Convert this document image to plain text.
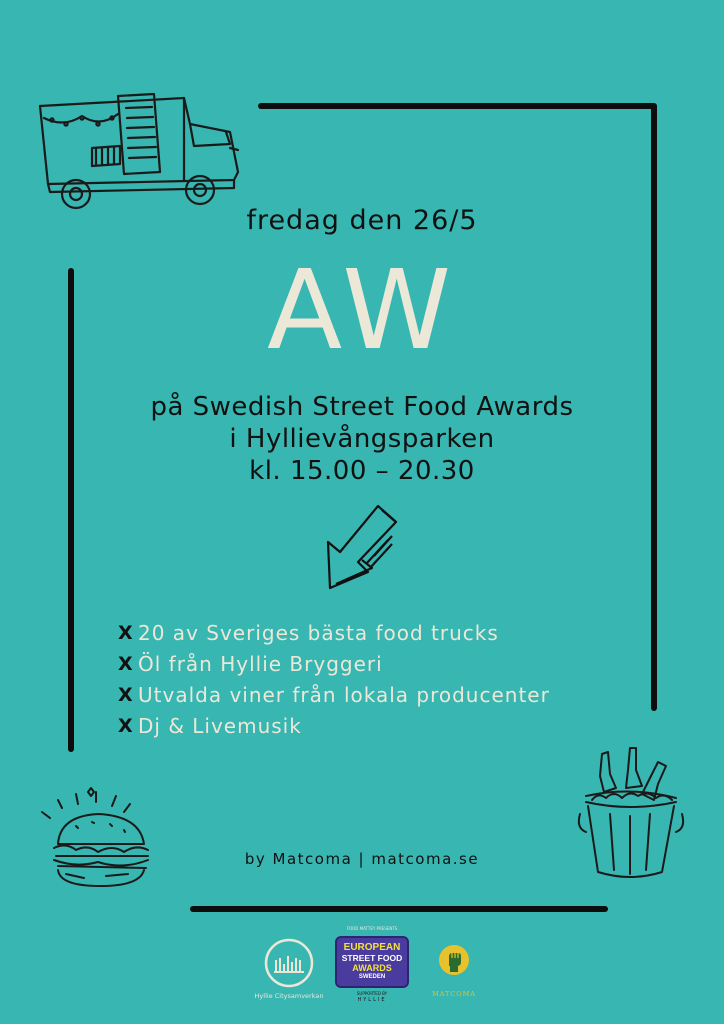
fredag den 26/5
AW
på Swedish Street Food Awards
i Hyllievångsparken
kl. 15.00 – 20.30
X 20 av Sveriges bästa food trucks
X Öl från Hyllie Bryggeri
X Utvalda viner från lokala producenter
X Dj & Livemusik
by Matcoma | matcoma.se
Hyllie Citysamverkan
FOOD MATTEY PRESENTS
EUROPEAN
STREET FOOD
AWARDS
SWEDEN
SUPPORTED BY
HYLLIE
MATCOMA
